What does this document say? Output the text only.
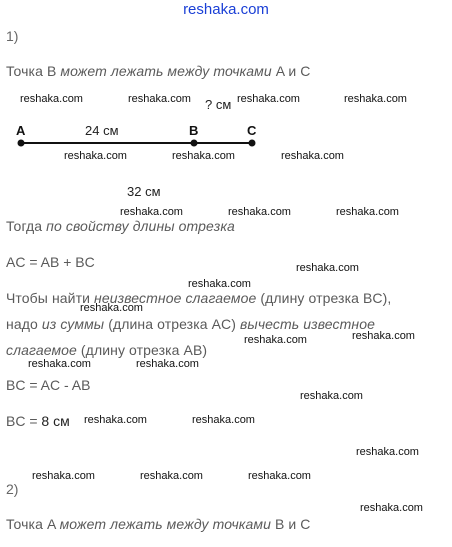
reshaka.com
1)
Точка B может лежать между точками A и C
A	B	C
24 см
? см
32 см
Тогда по свойству длины отрезка
AC = AB + BC
Чтобы найти неизвестное слагаемое (длину отрезка BC),
надо из суммы (длина отрезка AC) вычесть известное
слагаемое (длину отрезка AB)
BC = AC - AB
BC = 8 см
2)
Точка A может лежать между точками B и C
reshaka.com	reshaka.com	reshaka.com	reshaka.com
reshaka.com	reshaka.com	reshaka.com
reshaka.com	reshaka.com	reshaka.com
reshaka.com
reshaka.com
reshaka.com
reshaka.com	reshaka.com
reshaka.com	reshaka.com
reshaka.com
reshaka.com	reshaka.com
reshaka.com
reshaka.com	reshaka.com	reshaka.com
reshaka.com
